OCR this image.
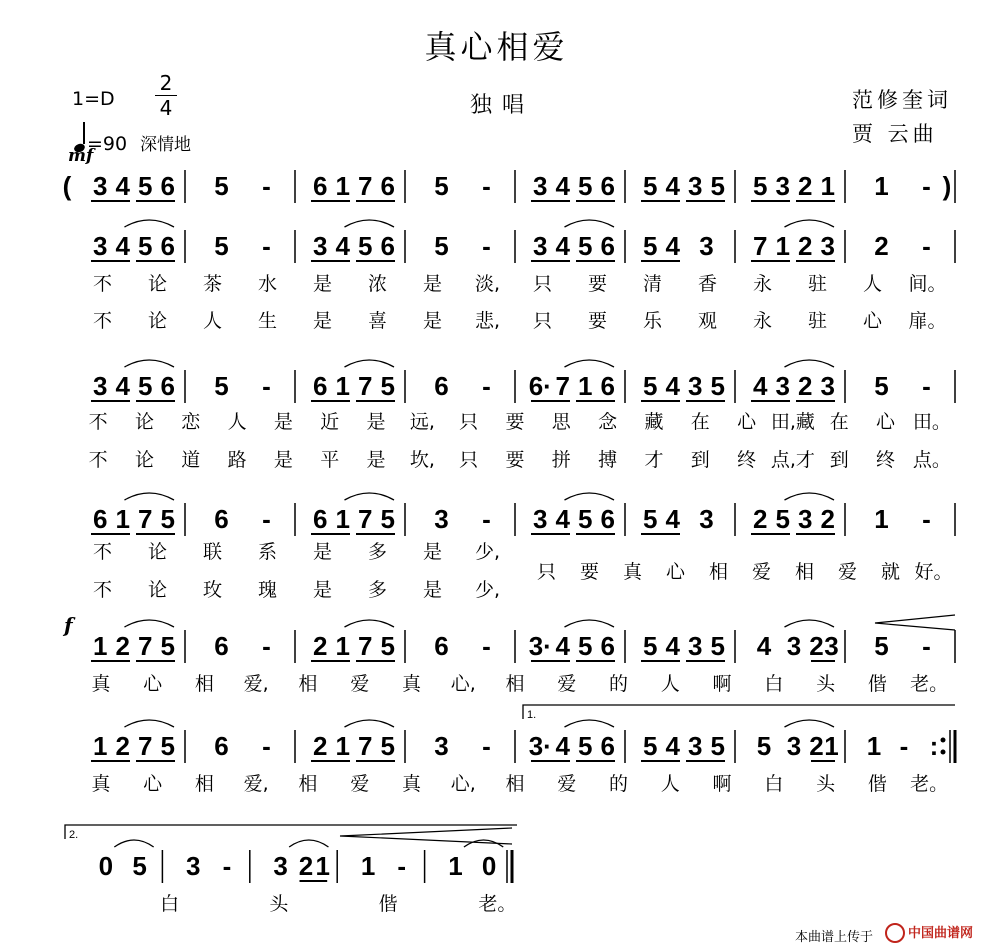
真心相爱
1=D
2
4
=90 深情地
独唱	范修奎词
贾 云曲
mf
f
( 3 4 5 6 5 - 6 1 7 6 5 - 3 4 5 6 5 4 3 5 5 3 2 1 1 - )
3 4 5 6 5 - 3 4 5 6 5 - 3 4 5 6 5 4 3 7 1 2 3 2 -
不 论 茶 水 是 浓 是 淡, 只 要 清 香 永 驻 人 间。
不 论 人 生 是 喜 是 悲, 只 要 乐 观 永 驻 心 扉。
3 4 5 6 5 - 6 1 7 5 6 - 6· 7 1 6 5 4 3 5 4 3 2 3 5 -
不 论 恋 人 是 近 是 远, 只 要 思 念 藏 在 心 田,藏 在 心 田。
不 论 道 路 是 平 是 坎, 只 要 拼 搏 才 到 终 点,才 到 终 点。
6 1 7 5 6 - 6 1 7 5 3 - 3 4 5 6 5 4 3 2 5 3 2 1 -
不 论 联 系 是 多 是 少,
不 论 玫 瑰 是 多 是 少,
只 要 真 心 相 爱 相 爱 就 好。
1 2 7 5 6 - 2 1 7 5 6 - 3· 4 5 6 5 4 3 5 4 3 2 3 5 -
真 心 相 爱, 相 爱 真 心, 相 爱 的 人 啊 白 头 偕 老。
1 2 7 5 6 - 2 1 7 5 3 - 3· 4 5 6 5 4 3 5 5 3 2 1 1 - :
1.
真 心 相 爱, 相 爱 真 心, 相 爱 的 人 啊 白 头 偕 老。
0 5 3 - 3 2 1 1 - 1 0
2.
白	头	偕	老。
本曲谱上传于	中国曲谱网
